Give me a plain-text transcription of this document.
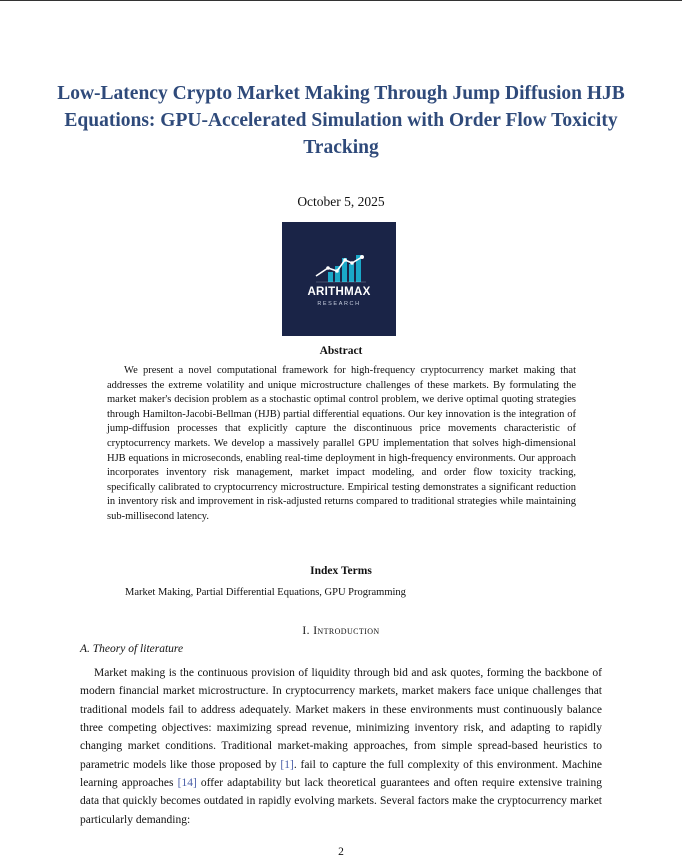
Low-Latency Crypto Market Making Through Jump Diffusion HJB Equations: GPU-Accelerated Simulation with Order Flow Toxicity Tracking
October 5, 2025
ARITHMAX
RESEARCH
Abstract
We present a novel computational framework for high-frequency cryptocurrency market making that addresses the extreme volatility and unique microstructure challenges of these markets. By formulating the market maker's decision problem as a stochastic optimal control problem, we derive optimal quoting strategies through Hamilton-Jacobi-Bellman (HJB) partial differential equations. Our key innovation is the integration of jump-diffusion processes that explicitly capture the discontinuous price movements characteristic of cryptocurrency markets. We develop a massively parallel GPU implementation that solves high-dimensional HJB equations in microseconds, enabling real-time deployment in high-frequency environments. Our approach incorporates inventory risk management, market impact modeling, and order flow toxicity tracking, specifically calibrated to cryptocurrency microstructure. Empirical testing demonstrates a significant reduction in inventory risk and improvement in risk-adjusted returns compared to traditional strategies while maintaining sub-millisecond latency.
Index Terms
Market Making, Partial Differential Equations, GPU Programming
I. Introduction
A. Theory of literature
Market making is the continuous provision of liquidity through bid and ask quotes, forming the backbone of modern financial market microstructure. In cryptocurrency markets, market makers face unique challenges that traditional models fail to address adequately. Market makers in these environments must continuously balance three competing objectives: maximizing spread revenue, minimizing inventory risk, and adapting to rapidly changing market conditions. Traditional market-making approaches, from simple spread-based heuristics to parametric models like those proposed by [1]. fail to capture the full complexity of this environment. Machine learning approaches [14] offer adaptability but lack theoretical guarantees and often require extensive training data that quickly becomes outdated in rapidly evolving markets. Several factors make the cryptocurrency market particularly demanding:
2
